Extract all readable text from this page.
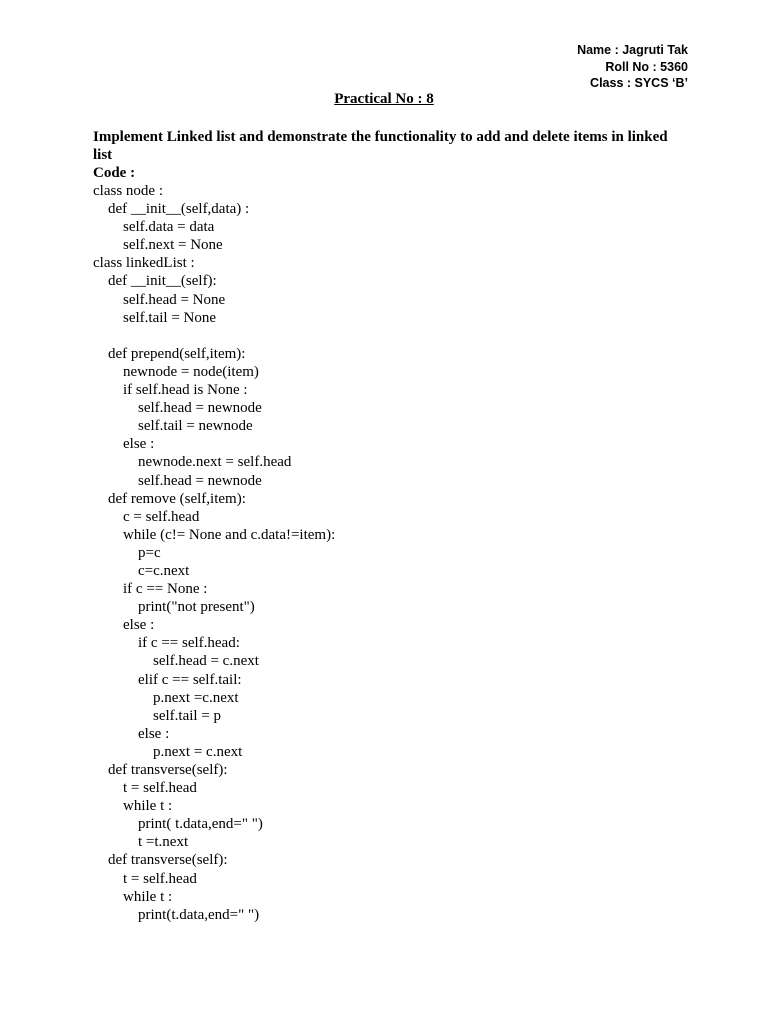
Name : Jagruti Tak
Roll No : 5360
Class : SYCS ‘B’
Practical No : 8

Implement Linked list and demonstrate the functionality to add and delete items in linked list

Code :
class node :
def __init__(self,data) :
self.data = data
self.next = None
class linkedList :
def __init__(self):
self.head = None
self.tail = None
def prepend(self,item):
newnode = node(item)
if self.head is None :
self.head = newnode
self.tail = newnode
else :
newnode.next = self.head
self.head = newnode
def remove (self,item):
c = self.head
while (c!= None and c.data!=item):
p=c
c=c.next
if c == None :
print("not present")
else :
if c == self.head:
self.head = c.next
elif c == self.tail:
p.next =c.next
self.tail = p
else :
p.next = c.next
def transverse(self):
t = self.head
while t :
print( t.data,end=" ")
t =t.next
def transverse(self):
t = self.head
while t :
print(t.data,end=" ")
